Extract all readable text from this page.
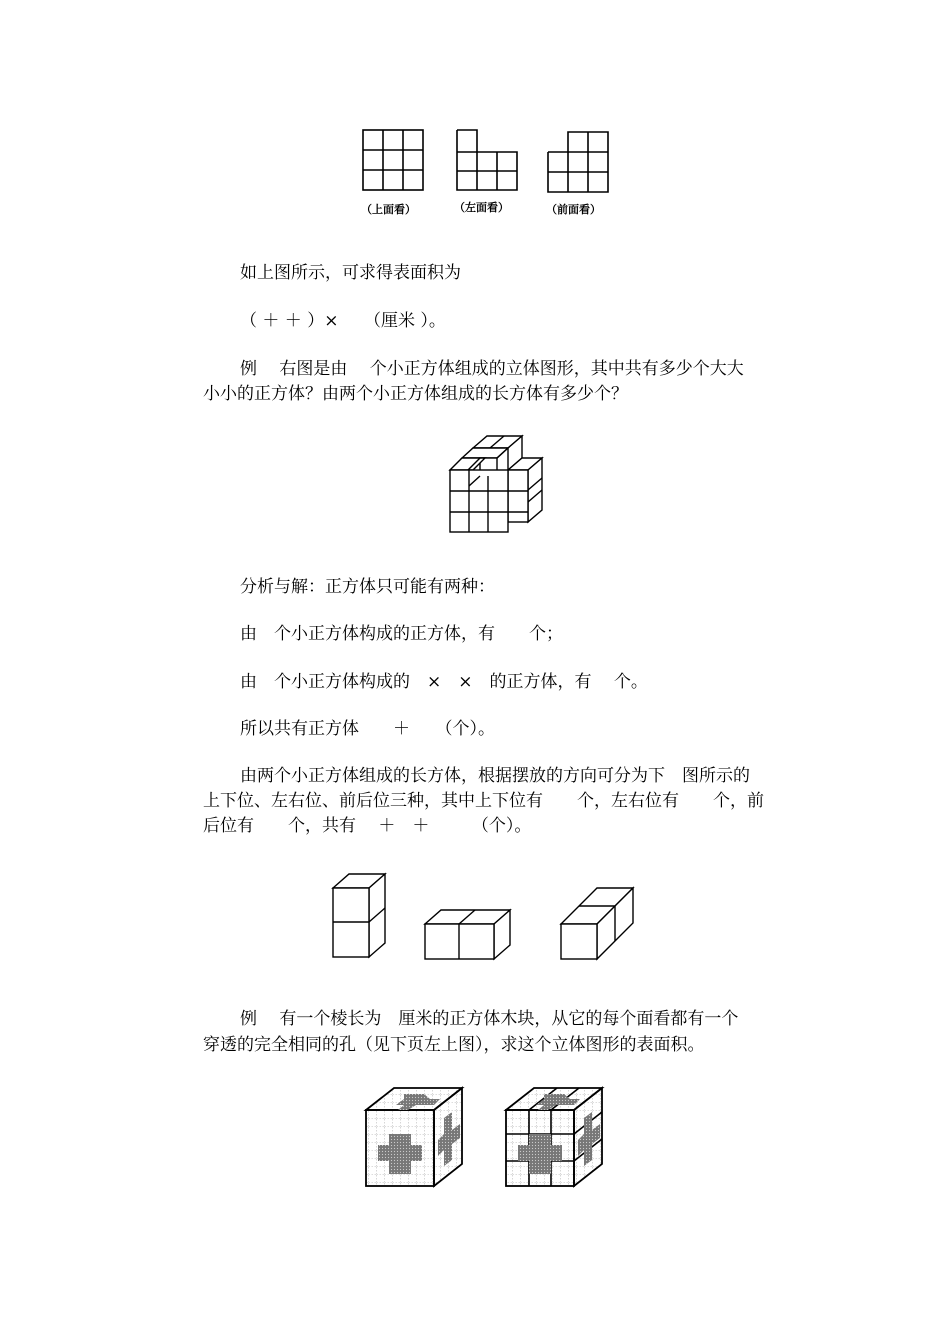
（上面看）	（左面看）	（前面看）
如上图所示，可求得表面积为
（ ＋ ＋ ）×　　（厘米 ）。
例　 右图是由　 个小正方体组成的立体图形，其中共有多少个大大
小小的正方体？由两个小正方体组成的长方体有多少个？
分析与解：正方体只可能有两种：
由　个小正方体构成的正方体，有　　个；
由　个小正方体构成的　×　×　的正方体，有　 个。
所以共有正方体　　＋　　（个）。
由两个小正方体组成的长方体，根据摆放的方向可分为下　图所示的
上下位、左右位、前后位三种，其中上下位有　　个，左右位有　　个，前
后位有　　个，共有　 ＋　＋　　　（个）。
例　 有一个棱长为　厘米的正方体木块，从它的每个面看都有一个
穿透的完全相同的孔（见下页左上图），求这个立体图形的表面积。
